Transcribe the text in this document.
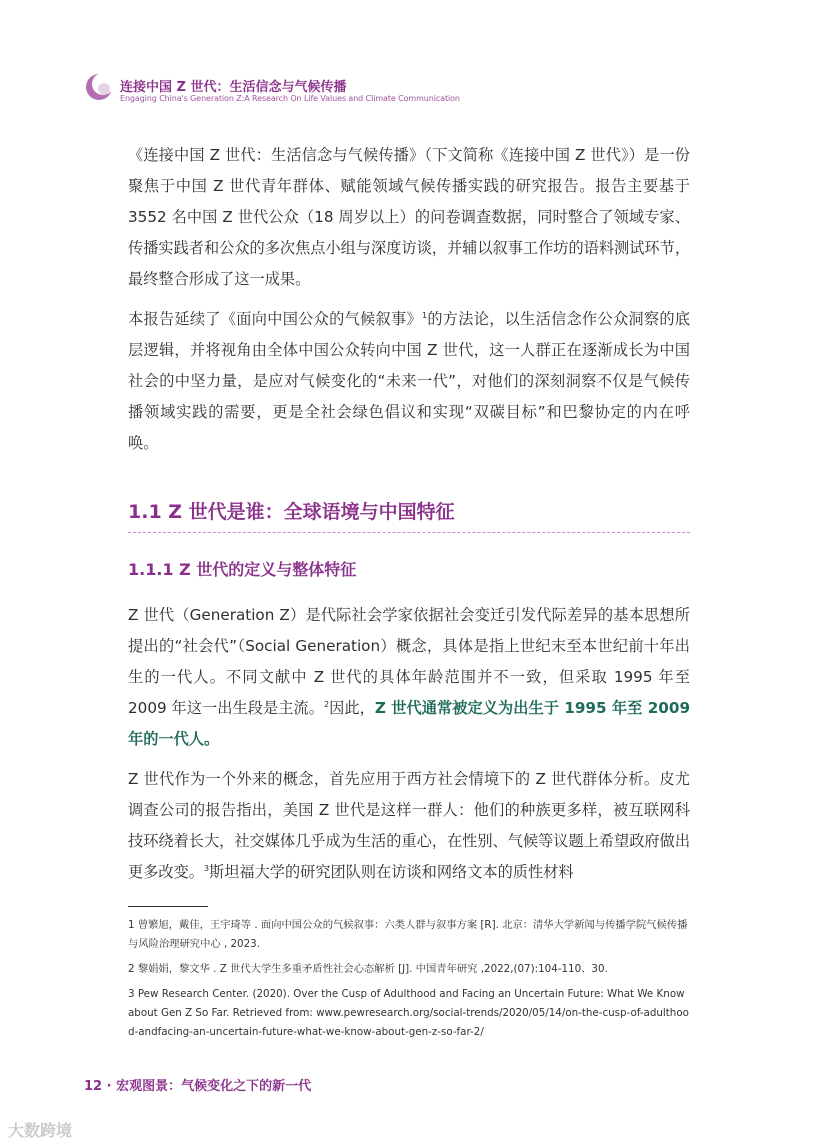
连接中国 Z 世代：生活信念与气候传播
Engaging China's Generation Z:A Research On Life Values and Climate Communication

《连接中国 Z 世代：生活信念与气候传播》（下文简称《连接中国 Z 世代》）是一份聚焦于中国 Z 世代青年群体、赋能领域气候传播实践的研究报告。报告主要基于 3552 名中国 Z 世代公众（18 周岁以上）的问卷调查数据，同时整合了领域专家、传播实践者和公众的多次焦点小组与深度访谈，并辅以叙事工作坊的语料测试环节，最终整合形成了这一成果。

本报告延续了《面向中国公众的气候叙事》$^1$的方法论，以生活信念作公众洞察的底层逻辑，并将视角由全体中国公众转向中国 Z 世代，这一人群正在逐渐成长为中国社会的中坚力量，是应对气候变化的“未来一代”，对他们的深刻洞察不仅是气候传播领域实践的需要，更是全社会绿色倡议和实现“双碳目标”和巴黎协定的内在呼唤。

1.1 Z 世代是谁：全球语境与中国特征
1.1.1 Z 世代的定义与整体特征

Z 世代（Generation Z）是代际社会学家依据社会变迁引发代际差异的基本思想所提出的“社会代”（Social Generation）概念，具体是指上世纪末至本世纪前十年出生的一代人。不同文献中 Z 世代的具体年龄范围并不一致，但采取 1995 年至 2009 年这一出生段是主流。$^2$因此，Z 世代通常被定义为出生于 1995 年至 2009 年的一代人。

Z 世代作为一个外来的概念，首先应用于西方社会情境下的 Z 世代群体分析。皮尤调查公司的报告指出，美国 Z 世代是这样一群人：他们的种族更多样，被互联网科技环绕着长大，社交媒体几乎成为生活的重心，在性别、气候等议题上希望政府做出更多改变。$^3$斯坦福大学的研究团队则在访谈和网络文本的质性材料

1 曾繁旭，戴佳，王宇琦等 . 面向中国公众的气候叙事：六类人群与叙事方案 [R]. 北京：清华大学新闻与传播学院气候传播与风险治理研究中心 , 2023.

2 黎娟娟，黎文华 . Z 世代大学生多重矛盾性社会心态解析 [J]. 中国青年研究 ,2022,(07):104-110、30.

3 Pew Research Center. (2020). Over the Cusp of Adulthood and Facing an Uncertain Future: What We Know about Gen Z So Far. Retrieved from: www.pewresearch.org/social-trends/2020/05/14/on-the-cusp-of-adulthood-andfacing-an-uncertain-future-what-we-know-about-gen-z-so-far-2/

12 · 宏观图景：气候变化之下的新一代
大数跨境
